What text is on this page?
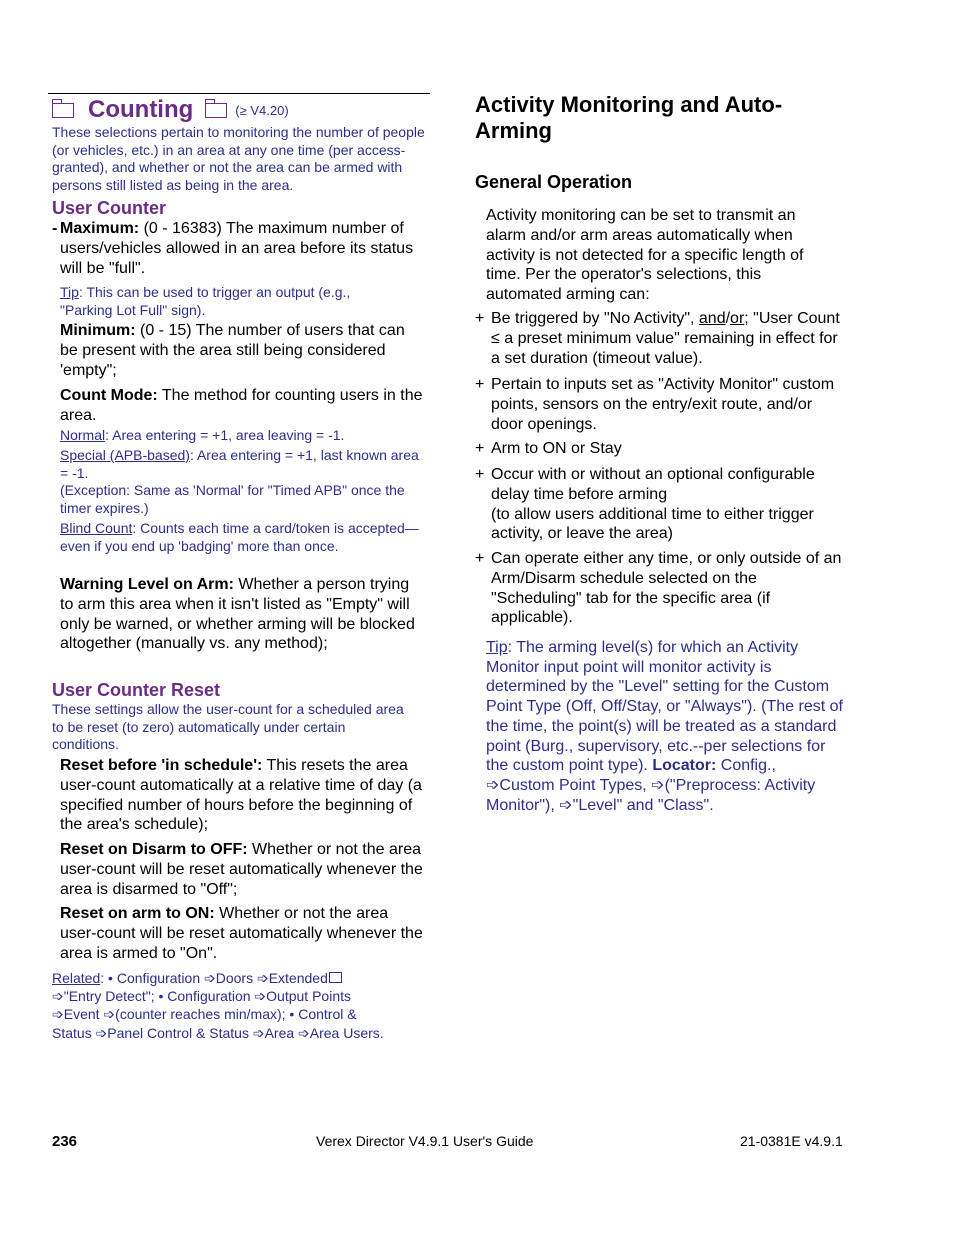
Counting	(≥ V4.20)
These selections pertain to monitoring the number of people (or vehicles, etc.) in an area at any one time (per access-granted), and whether or not the area can be armed with persons still listed as being in the area.
User Counter
- Maximum: (0 - 16383) The maximum number of users/vehicles allowed in an area before its status will be "full".
Tip: This can be used to trigger an output (e.g., "Parking Lot Full" sign).
Minimum: (0 - 15) The number of users that can be present with the area still being considered 'empty";
Count Mode: The method for counting users in the area.
Normal: Area entering = +1, area leaving = -1.
Special (APB-based): Area entering = +1, last known area = -1.
(Exception: Same as 'Normal' for "Timed APB" once the timer expires.)
Blind Count: Counts each time a card/token is accepted—even if you end up 'badging' more than once.
Warning Level on Arm: Whether a person trying to arm this area when it isn't listed as "Empty" will only be warned, or whether arming will be blocked altogether (manually vs. any method);
User Counter Reset
These settings allow the user-count for a scheduled area to be reset (to zero) automatically under certain conditions.
Reset before 'in schedule': This resets the area user-count automatically at a relative time of day (a specified number of hours before the beginning of the area's schedule);
Reset on Disarm to OFF: Whether or not the area user-count will be reset automatically whenever the area is disarmed to "Off";
Reset on arm to ON: Whether or not the area user-count will be reset automatically whenever the area is armed to "On".
Related: • Configuration ➩Doors ➩Extended
➩"Entry Detect"; • Configuration ➩Output Points
➩Event ➩(counter reaches min/max); • Control &
Status ➩Panel Control & Status ➩Area ➩Area Users.
Activity Monitoring and Auto-
Arming
General Operation
Activity monitoring can be set to transmit an alarm and/or arm areas automatically when activity is not detected for a specific length of time. Per the operator's selections, this automated arming can:
+ Be triggered by "No Activity", and/or; "User Count ≤ a preset minimum value" remaining in effect for a set duration (timeout value).
+ Pertain to inputs set as "Activity Monitor" custom points, sensors on the entry/exit route, and/or door openings.
+ Arm to ON or Stay
+ Occur with or without an optional configurable delay time before arming
(to allow users additional time to either trigger activity, or leave the area)
+ Can operate either any time, or only outside of an Arm/Disarm schedule selected on the "Scheduling" tab for the specific area (if applicable).
Tip: The arming level(s) for which an Activity Monitor input point will monitor activity is determined by the "Level" setting for the Custom Point Type (Off, Off/Stay, or "Always"). (The rest of the time, the point(s) will be treated as a standard point (Burg., supervisory, etc.--per selections for the custom point type). Locator: Config., ➩Custom Point Types, ➩("Preprocess: Activity Monitor"), ➩"Level" and "Class".
236	Verex Director V4.9.1 User's Guide	21-0381E v4.9.1
